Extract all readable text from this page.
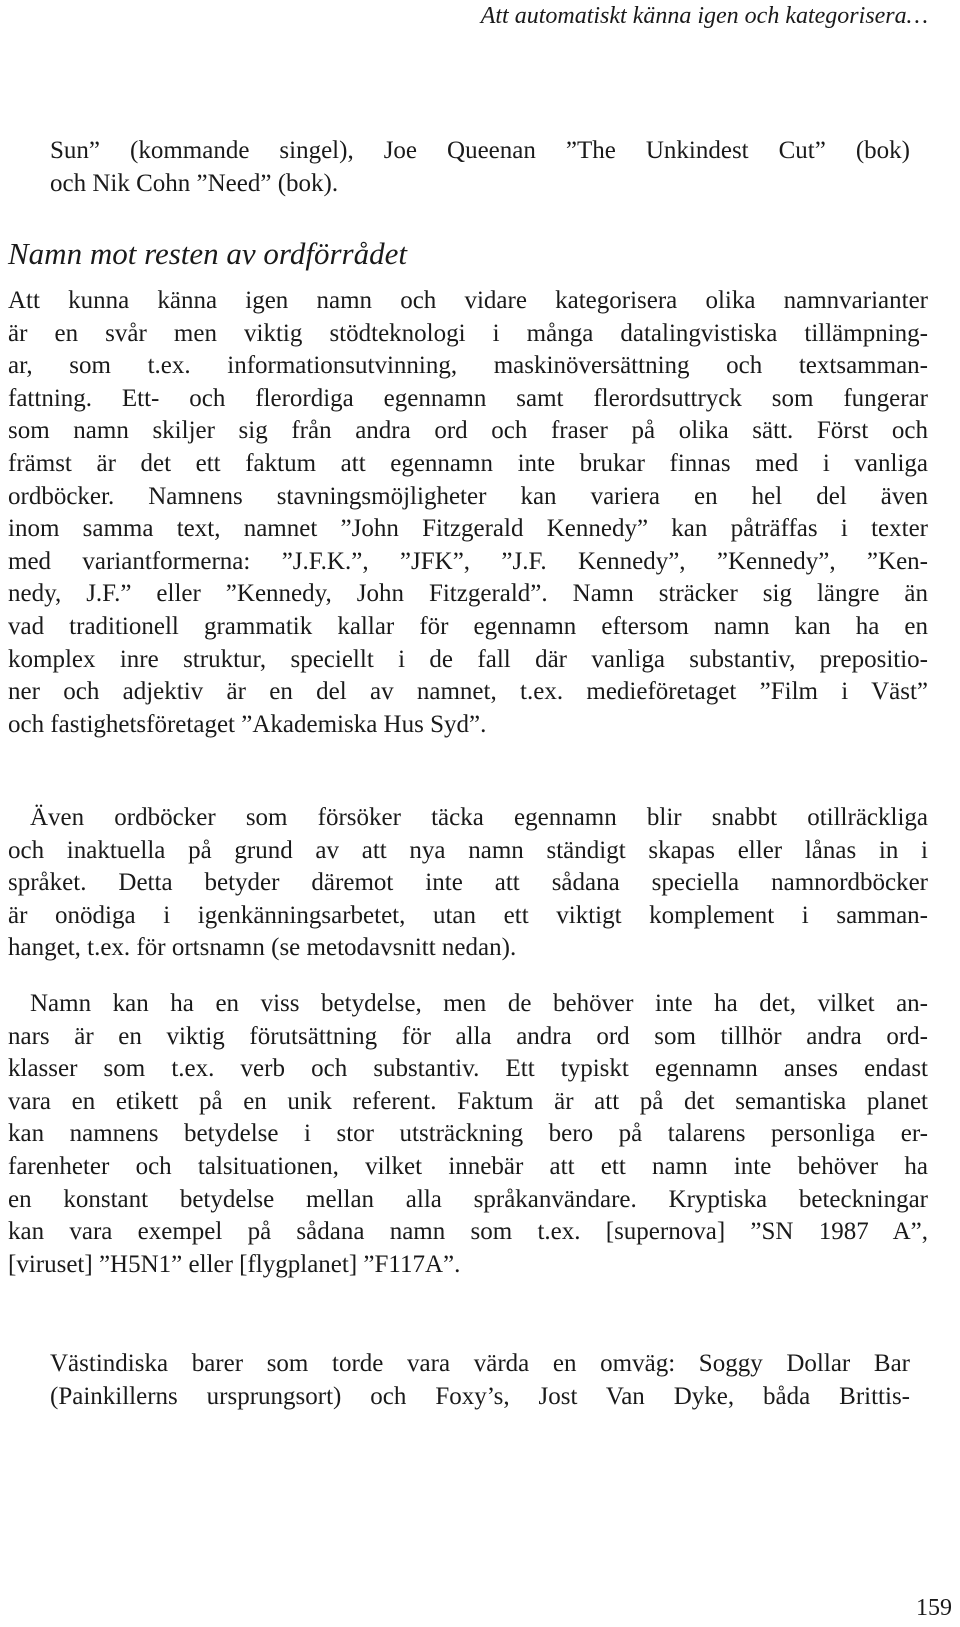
Att automatiskt känna igen och kategorisera…
Sun” (kommande singel), Joe Queenan ”The Unkindest Cut” (bok)
och Nik Cohn ”Need” (bok).
Namn mot resten av ordförrådet
Att kunna känna igen namn och vidare kategorisera olika namnvarianter
är en svår men viktig stödteknologi i många datalingvistiska tillämpning-
ar, som t.ex. informationsutvinning, maskinöversättning och textsamman-
fattning. Ett- och flerordiga egennamn samt flerordsuttryck som fungerar
som namn skiljer sig från andra ord och fraser på olika sätt. Först och
främst är det ett faktum att egennamn inte brukar finnas med i vanliga
ordböcker. Namnens stavningsmöjligheter kan variera en hel del även
inom samma text, namnet ”John Fitzgerald Kennedy” kan påträffas i texter
med variantformerna: ”J.F.K.”, ”JFK”, ”J.F. Kennedy”, ”Kennedy”, ”Ken-
nedy, J.F.” eller ”Kennedy, John Fitzgerald”. Namn sträcker sig längre än
vad traditionell grammatik kallar för egennamn eftersom namn kan ha en
komplex inre struktur, speciellt i de fall där vanliga substantiv, prepositio-
ner och adjektiv är en del av namnet, t.ex. medieföretaget ”Film i Väst”
och fastighetsföretaget ”Akademiska Hus Syd”.
Även ordböcker som försöker täcka egennamn blir snabbt otillräckliga
och inaktuella på grund av att nya namn ständigt skapas eller lånas in i
språket. Detta betyder däremot inte att sådana speciella namnordböcker
är onödiga i igenkänningsarbetet, utan ett viktigt komplement i samman-
hanget, t.ex. för ortsnamn (se metodavsnitt nedan).
Namn kan ha en viss betydelse, men de behöver inte ha det, vilket an-
nars är en viktig förutsättning för alla andra ord som tillhör andra ord-
klasser som t.ex. verb och substantiv. Ett typiskt egennamn anses endast
vara en etikett på en unik referent. Faktum är att på det semantiska planet
kan namnens betydelse i stor utsträckning bero på talarens personliga er-
farenheter och talsituationen, vilket innebär att ett namn inte behöver ha
en konstant betydelse mellan alla språkanvändare. Kryptiska beteckningar
kan vara exempel på sådana namn som t.ex. [supernova] ”SN 1987 A”,
[viruset] ”H5N1” eller [flygplanet] ”F117A”.
Västindiska barer som torde vara värda en omväg: Soggy Dollar Bar
(Painkillerns ursprungsort) och Foxy’s, Jost Van Dyke, båda Brittis-
159
